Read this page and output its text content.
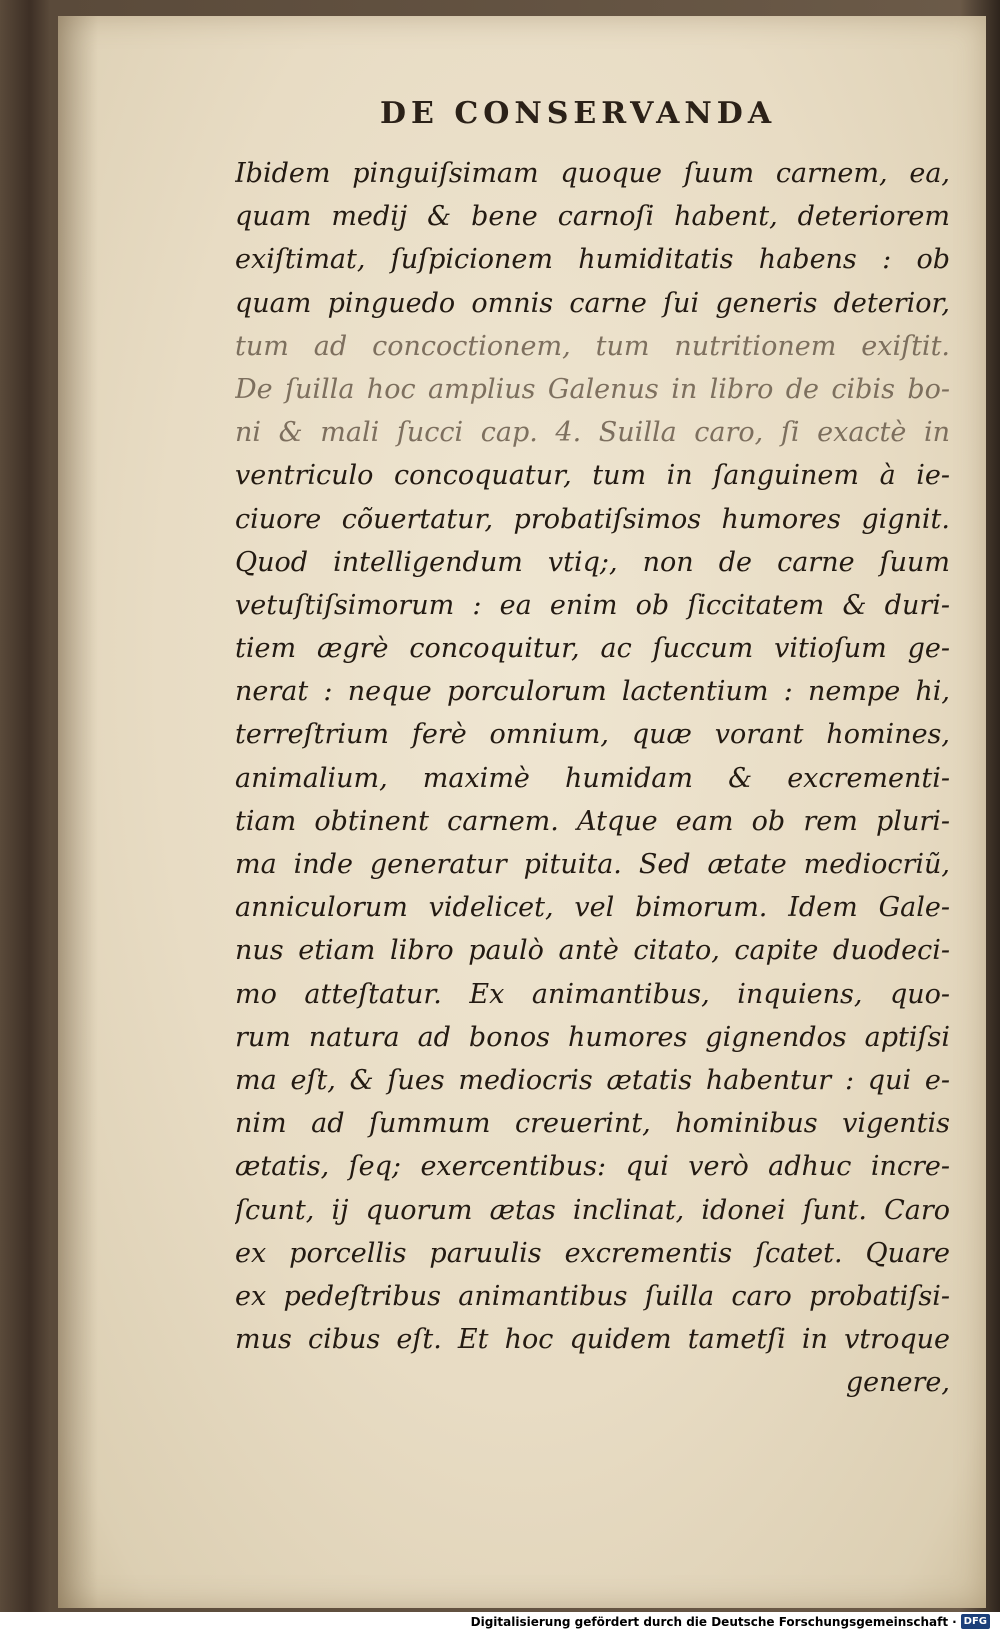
DE CONSERVANDA
Ibidem pinguiſsimam quoque ſuum carnem, ea,
quam medij & bene carnoſi habent, deteriorem
exiſtimat, ſuſpicionem humiditatis habens : ob
quam pinguedo omnis carne ſui generis deterior,
tum ad concoctionem, tum nutritionem exiſtit.
De ſuilla hoc amplius Galenus in libro de cibis bo-
ni & mali ſucci cap. 4. Suilla caro, ſi exactè in
ventriculo concoquatur, tum in ſanguinem à ie-
ciuore cõuertatur, probatiſsimos humores gignit.
Quod intelligendum vtiq;, non de carne ſuum
vetuſtiſsimorum : ea enim ob ſiccitatem & duri-
tiem ægrè concoquitur, ac ſuccum vitioſum ge-
nerat : neque porculorum lactentium : nempe hi,
terreſtrium ferè omnium, quæ vorant homines,
animalium, maximè humidam & excrementi-
tiam obtinent carnem. Atque eam ob rem pluri-
ma inde generatur pituita. Sed ætate mediocriũ,
anniculorum videlicet, vel bimorum. Idem Gale-
nus etiam libro paulò antè citato, capite duodeci-
mo atteſtatur. Ex animantibus, inquiens, quo-
rum natura ad bonos humores gignendos aptiſsi
ma eſt, & ſues mediocris ætatis habentur : qui e-
nim ad ſummum creuerint, hominibus vigentis
ætatis, ſeq; exercentibus: qui verò adhuc incre-
ſcunt, ij quorum ætas inclinat, idonei ſunt. Caro
ex porcellis paruulis excrementis ſcatet. Quare
ex pedeſtribus animantibus ſuilla caro probatiſsi-
mus cibus eſt. Et hoc quidem tametſi in vtroque
genere,
Digitalisierung gefördert durch die Deutsche Forschungsgemeinschaft · DFG
